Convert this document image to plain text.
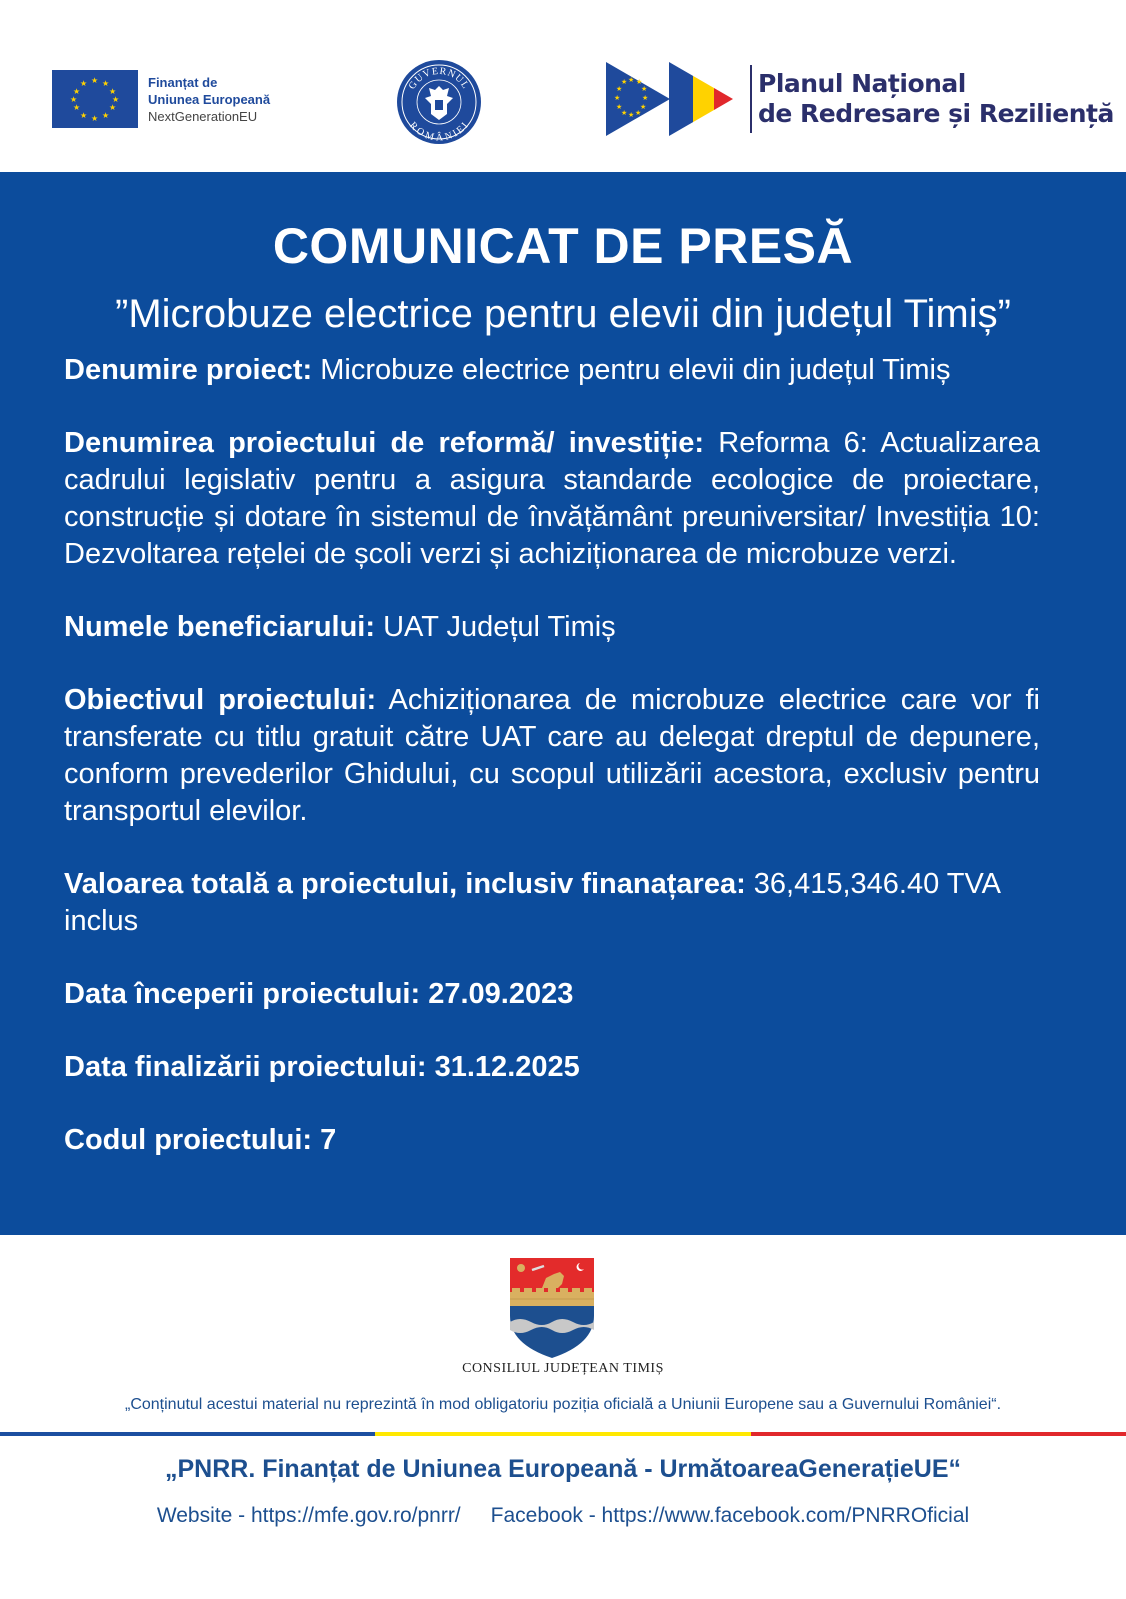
★ ★
★
★
★
★
★
★
★
★
★
★	Finanțat de
Uniunea Europeană
NextGenerationEU
GUVERNUL
ROMÂNIEI
★ ★
★
★
★
★
★
★
★
★
★
★	Planul Național
de Redresare și Reziliență
COMUNICAT DE PRESĂ
”Microbuze electrice pentru elevii din județul Timiș”
Denumire proiect: Microbuze electrice pentru elevii din județul Timiș
Denumirea proiectului de reformă/ investiție: Reforma 6: Actualizarea cadrului legislativ pentru a asigura standarde ecologice de proiectare, construcție și dotare în sistemul de învățământ preuniversitar/ Investiția 10: Dezvoltarea rețelei de școli verzi și achiziționarea de microbuze verzi.
Numele beneficiarului: UAT Județul Timiș
Obiectivul proiectului: Achiziționarea de microbuze electrice care vor fi transferate cu titlu gratuit către UAT care au delegat dreptul de depunere, conform prevederilor Ghidului, cu scopul utilizării acestora, exclusiv pentru transportul elevilor.
Valoarea totală a proiectului, inclusiv finanațarea: 36,415,346.40 TVA inclus
Data începerii proiectului: 27.09.2023
Data finalizării proiectului: 31.12.2025
Codul proiectului: 7
CONSILIUL JUDEȚEAN TIMIȘ
„Conținutul acestui material nu reprezintă în mod obligatoriu poziția oficială a Uniunii Europene sau a Guvernului României“.
„PNRR. Finanțat de Uniunea Europeană - UrmătoareaGenerațieUE“
Website - https://mfe.gov.ro/pnrr/ Facebook - https://www.facebook.com/PNRROficial
